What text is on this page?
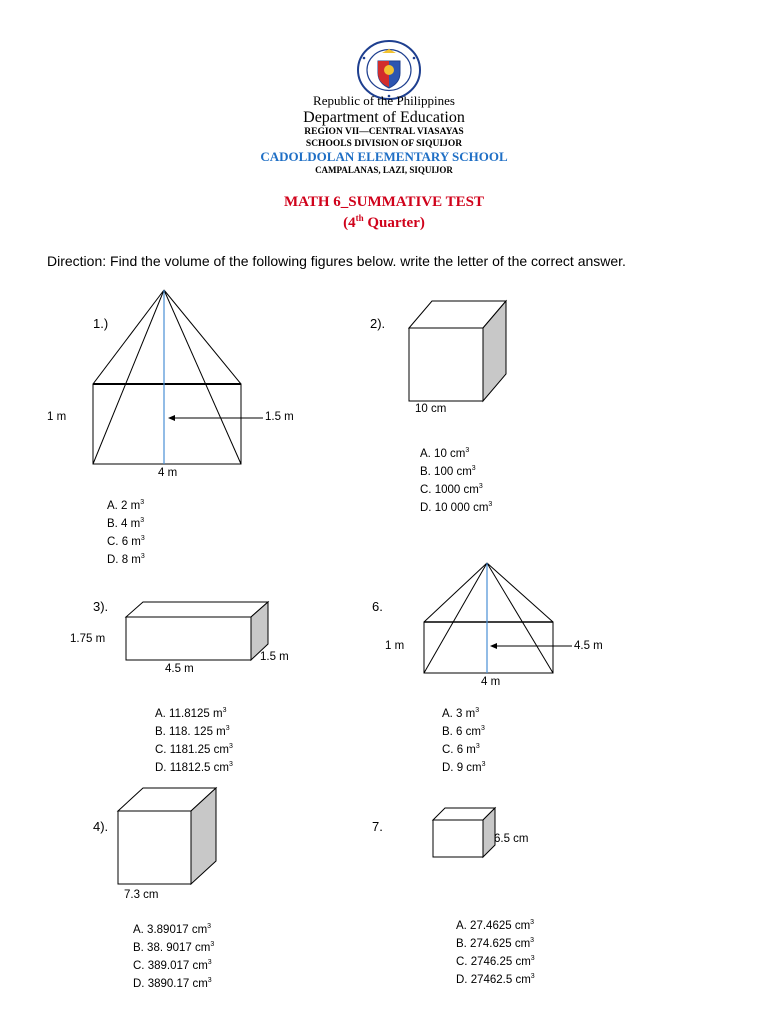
Republic of the Philippines
Department of Education
REGION VII—CENTRAL VIASAYAS
SCHOOLS DIVISION OF SIQUIJOR
CADOLDOLAN ELEMENTARY SCHOOL
CAMPALANAS, LAZI, SIQUIJOR
MATH 6_SUMMATIVE TEST
(4th Quarter)
Direction: Find the volume of the following figures below. write the letter of the correct answer.
1.)
1 m	1.5 m
4 m
A. 2 $m^3$
B. 4 $m^3$
C. 6 $m^3$
D. 8 $m^3$
2).
10 cm
A. 10 $cm^3$
B. 100 $cm^3$
C. 1000 $cm^3$
D. 10 000 $cm^3$
3).
1.75 m
4.5 m
1.5 m
A. 11.8125 $m^3$
B. 118. 125 $m^3$
C. 1181.25 $cm^3$
D. 11812.5 $cm^3$
6.
1 m	4.5 m
4 m
A. 3 $m^3$
B. 6 $cm^3$
C. 6 $m^3$
D. 9 $cm^3$
4).
7.3 cm
A. 3.89017 $cm^3$
B. 38. 9017 $cm^3$
C. 389.017 $cm^3$
D. 3890.17 $cm^3$
7.
6.5 cm
A. 27.4625 $cm^3$
B. 274.625 $cm^3$
C. 2746.25 $cm^3$
D. 27462.5 $cm^3$
